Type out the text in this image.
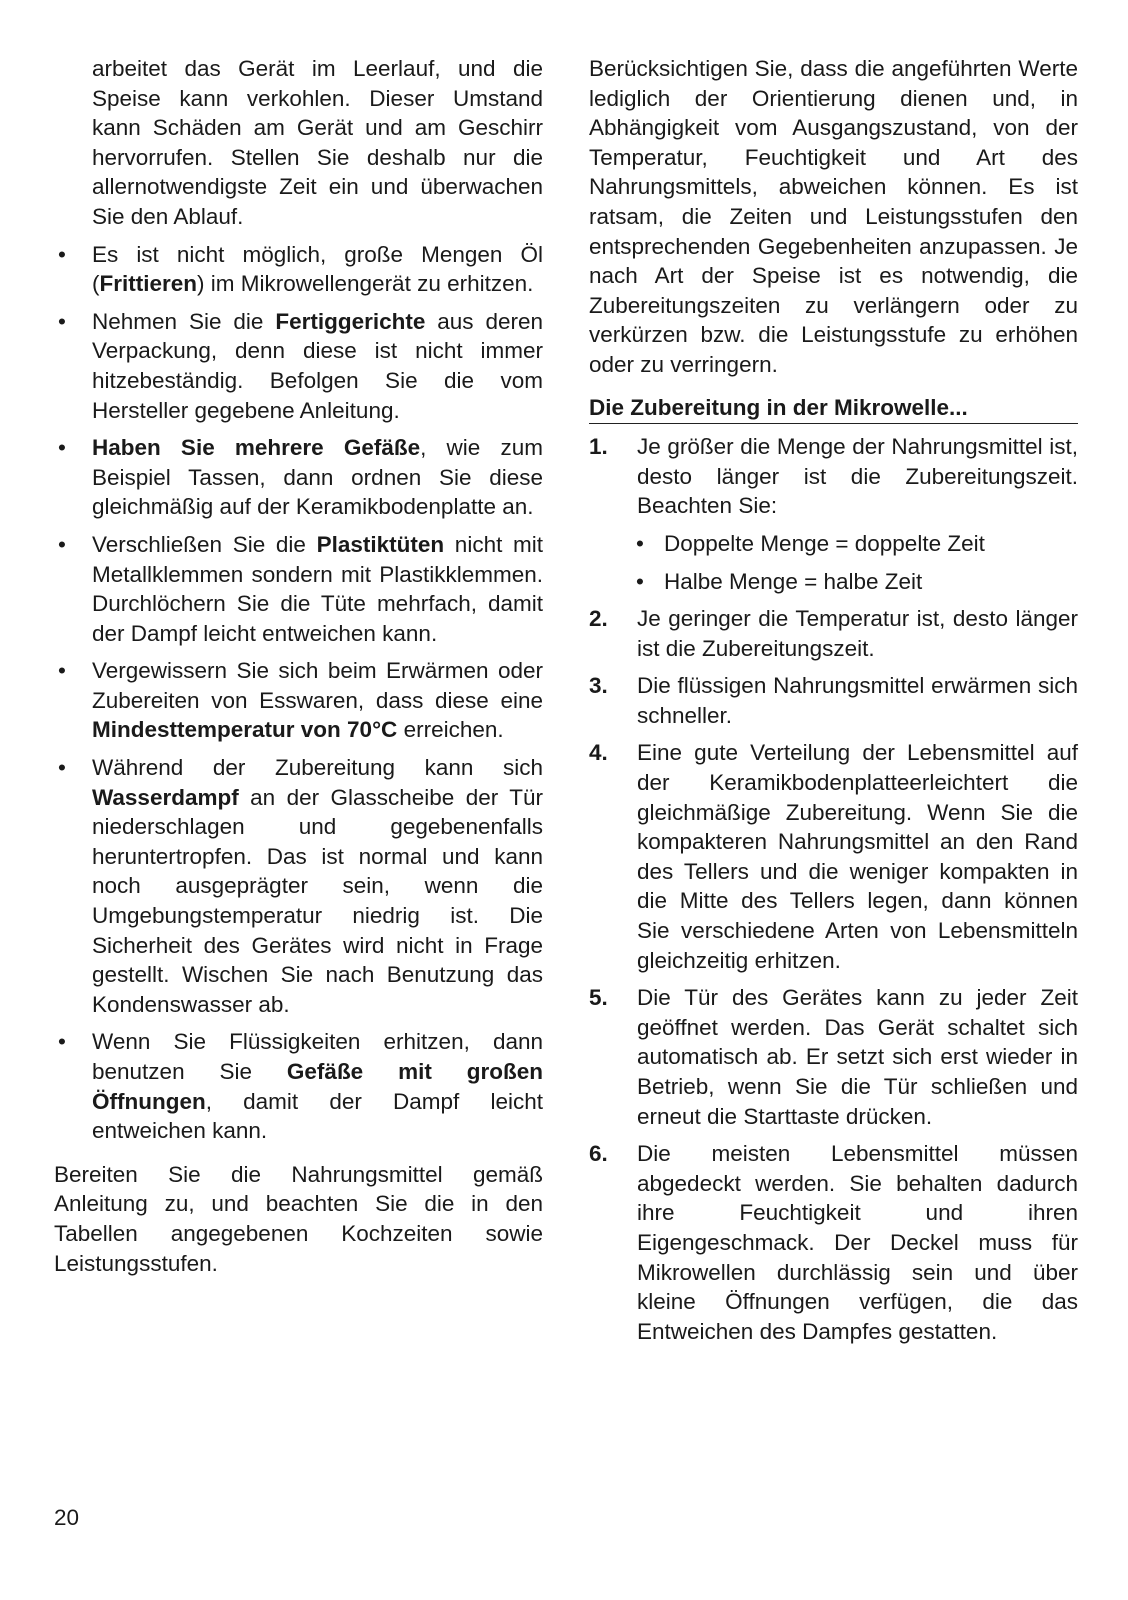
arbeitet das Gerät im Leerlauf, und die Speise kann verkohlen. Dieser Umstand kann Schäden am Gerät und am Geschirr hervorrufen. Stellen Sie deshalb nur die allernotwendigste Zeit ein und überwachen Sie den Ablauf.

• Es ist nicht möglich, große Mengen Öl (Frittieren) im Mikrowellengerät zu erhitzen.
• Nehmen Sie die Fertiggerichte aus deren Verpackung, denn diese ist nicht immer hitzebeständig. Befolgen Sie die vom Hersteller gegebene Anleitung.
• Haben Sie mehrere Gefäße, wie zum Beispiel Tassen, dann ordnen Sie diese gleichmäßig auf der Keramikbodenplatte an.
• Verschließen Sie die Plastiktüten nicht mit Metallklemmen sondern mit Plastikklemmen. Durchlöchern Sie die Tüte mehrfach, damit der Dampf leicht entweichen kann.
• Vergewissern Sie sich beim Erwärmen oder Zubereiten von Esswaren, dass diese eine Mindesttemperatur von 70°C erreichen.
• Während der Zubereitung kann sich Wasserdampf an der Glasscheibe der Tür niederschlagen und gegebenenfalls heruntertropfen. Das ist normal und kann noch ausgeprägter sein, wenn die Umgebungstemperatur niedrig ist. Die Sicherheit des Gerätes wird nicht in Frage gestellt. Wischen Sie nach Benutzung das Kondenswasser ab.
• Wenn Sie Flüssigkeiten erhitzen, dann benutzen Sie Gefäße mit großen Öffnungen, damit der Dampf leicht entweichen kann.

Bereiten Sie die Nahrungsmittel gemäß Anleitung zu, und beachten Sie die in den Tabellen angegebenen Kochzeiten sowie Leistungsstufen.

Berücksichtigen Sie, dass die angeführten Werte lediglich der Orientierung dienen und, in Abhängigkeit vom Ausgangszustand, von der Temperatur, Feuchtigkeit und Art des Nahrungsmittels, abweichen können. Es ist ratsam, die Zeiten und Leistungsstufen den entsprechenden Gegebenheiten anzupassen. Je nach Art der Speise ist es notwendig, die Zubereitungszeiten zu verlängern oder zu verkürzen bzw. die Leistungsstufe zu erhöhen oder zu verringern.

Die Zubereitung in der Mikrowelle...
1. Je größer die Menge der Nahrungsmittel ist, desto länger ist die Zubereitungszeit. Beachten Sie:
• Doppelte Menge = doppelte Zeit
• Halbe Menge = halbe Zeit
2. Je geringer die Temperatur ist, desto länger ist die Zubereitungszeit.
3. Die flüssigen Nahrungsmittel erwärmen sich schneller.
4. Eine gute Verteilung der Lebensmittel auf der Keramikbodenplatteerleichtert die gleichmäßige Zubereitung. Wenn Sie die kompakteren Nahrungsmittel an den Rand des Tellers und die weniger kompakten in die Mitte des Tellers legen, dann können Sie verschiedene Arten von Lebensmitteln gleichzeitig erhitzen.
5. Die Tür des Gerätes kann zu jeder Zeit geöffnet werden. Das Gerät schaltet sich automatisch ab. Er setzt sich erst wieder in Betrieb, wenn Sie die Tür schließen und erneut die Starttaste drücken.
6. Die meisten Lebensmittel müssen abgedeckt werden. Sie behalten dadurch ihre Feuchtigkeit und ihren Eigengeschmack. Der Deckel muss für Mikrowellen durchlässig sein und über kleine Öffnungen verfügen, die das Entweichen des Dampfes gestatten.
20
